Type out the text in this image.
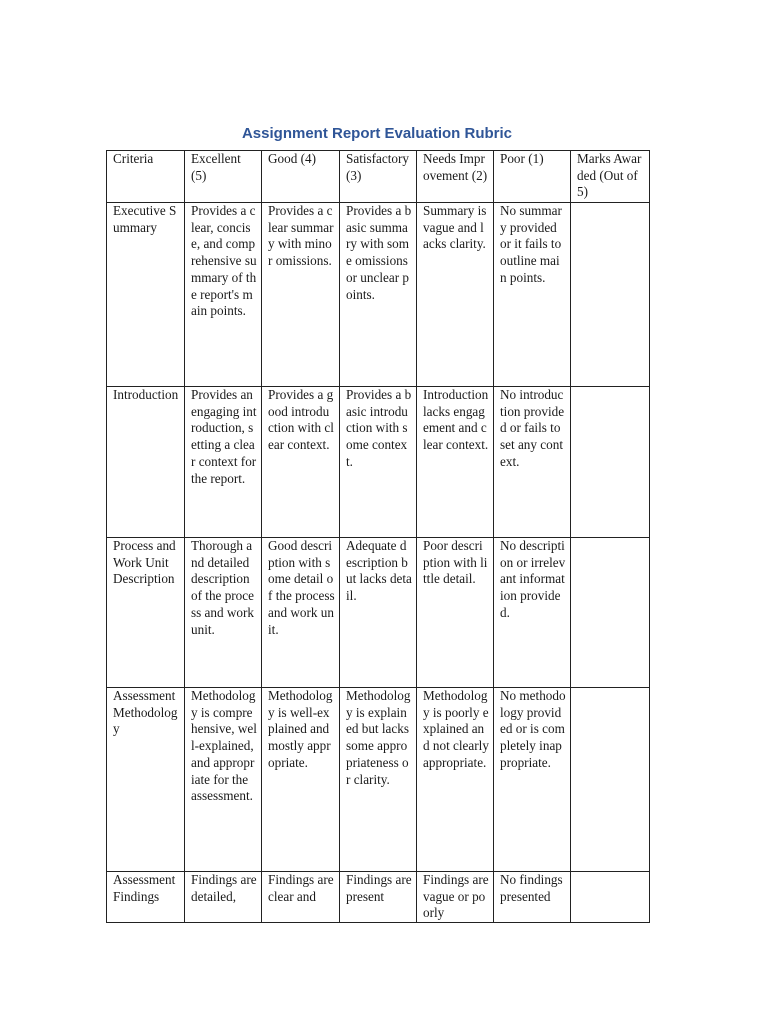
Assignment Report Evaluation Rubric
Criteria	Excellent (5)	Good (4)	Satisfactory (3)	Needs Improvement (2)	Poor (1)	Marks Awarded (Out of 5)
Executive Summary	Provides a clear, concise, and comprehensive summary of the report's main points.	Provides a clear summary with minor omissions.	Provides a basic summary with some omissions or unclear points.	Summary is vague and lacks clarity.	No summary provided or it fails to outline main points.	
Introduction	Provides an engaging introduction, setting a clear context for the report.	Provides a good introduction with clear context.	Provides a basic introduction with some context.	Introduction lacks engagement and clear context.	No introduction provided or fails to set any context.	
Process and Work Unit Description	Thorough and detailed description of the process and work unit.	Good description with some detail of the process and work unit.	Adequate description but lacks detail.	Poor description with little detail.	No description or irrelevant information provided.	
Assessment Methodology	Methodology is comprehensive, well-explained, and appropriate for the assessment.	Methodology is well-explained and mostly appropriate.	Methodology is explained but lacks some appropriateness or clarity.	Methodology is poorly explained and not clearly appropriate.	No methodology provided or is completely inappropriate.	
Assessment Findings	Findings are detailed,	Findings are clear and	Findings are present	Findings are vague or poorly	No findings presented	
